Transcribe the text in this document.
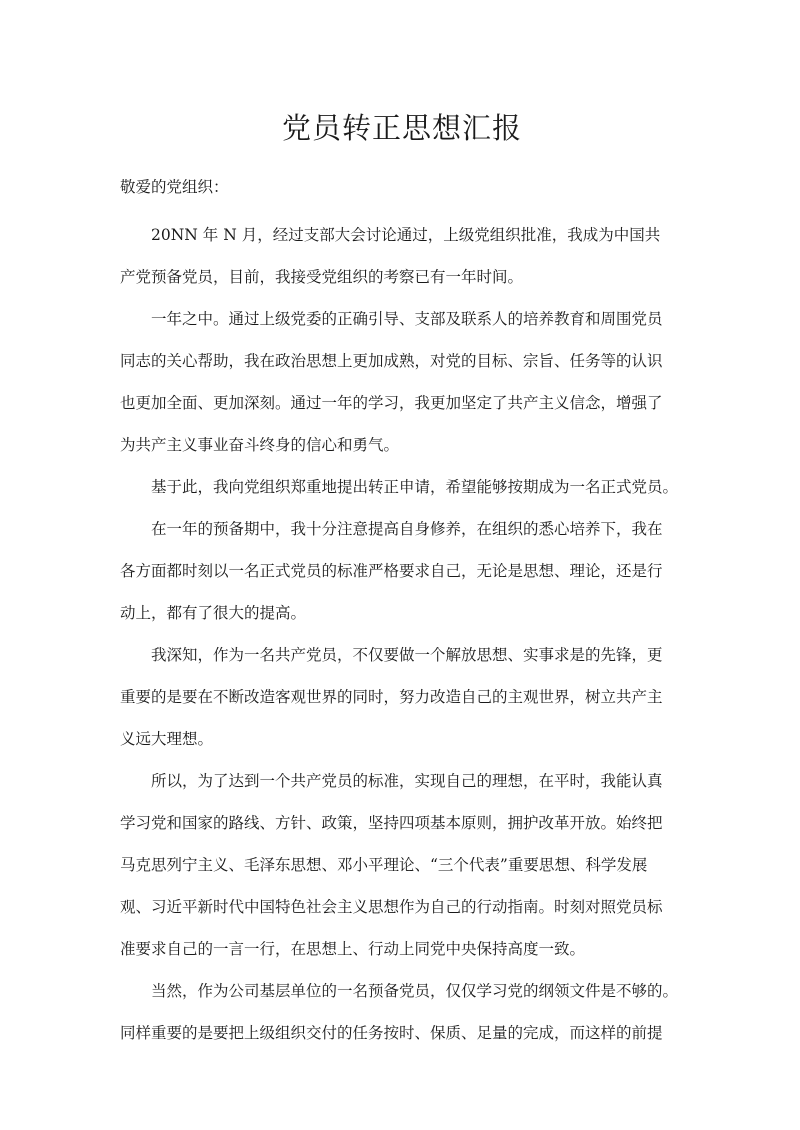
党员转正思想汇报

敬爱的党组织：

20NN 年 N 月，经过支部大会讨论通过，上级党组织批准，我成为中国共
产党预备党员，目前，我接受党组织的考察已有一年时间。

一年之中。通过上级党委的正确引导、支部及联系人的培养教育和周围党员
同志的关心帮助，我在政治思想上更加成熟，对党的目标、宗旨、任务等的认识
也更加全面、更加深刻。通过一年的学习，我更加坚定了共产主义信念，增强了
为共产主义事业奋斗终身的信心和勇气。

基于此，我向党组织郑重地提出转正申请，希望能够按期成为一名正式党员。

在一年的预备期中，我十分注意提高自身修养，在组织的悉心培养下，我在
各方面都时刻以一名正式党员的标准严格要求自己，无论是思想、理论，还是行
动上，都有了很大的提高。

我深知，作为一名共产党员，不仅要做一个解放思想、实事求是的先锋，更
重要的是要在不断改造客观世界的同时，努力改造自己的主观世界，树立共产主
义远大理想。

所以，为了达到一个共产党员的标准，实现自己的理想，在平时，我能认真
学习党和国家的路线、方针、政策，坚持四项基本原则，拥护改革开放。始终把
马克思列宁主义、毛泽东思想、邓小平理论、“三个代表”重要思想、科学发展
观、习近平新时代中国特色社会主义思想作为自己的行动指南。时刻对照党员标
准要求自己的一言一行，在思想上、行动上同党中央保持高度一致。

当然，作为公司基层单位的一名预备党员，仅仅学习党的纲领文件是不够的。
同样重要的是要把上级组织交付的任务按时、保质、足量的完成，而这样的前提
